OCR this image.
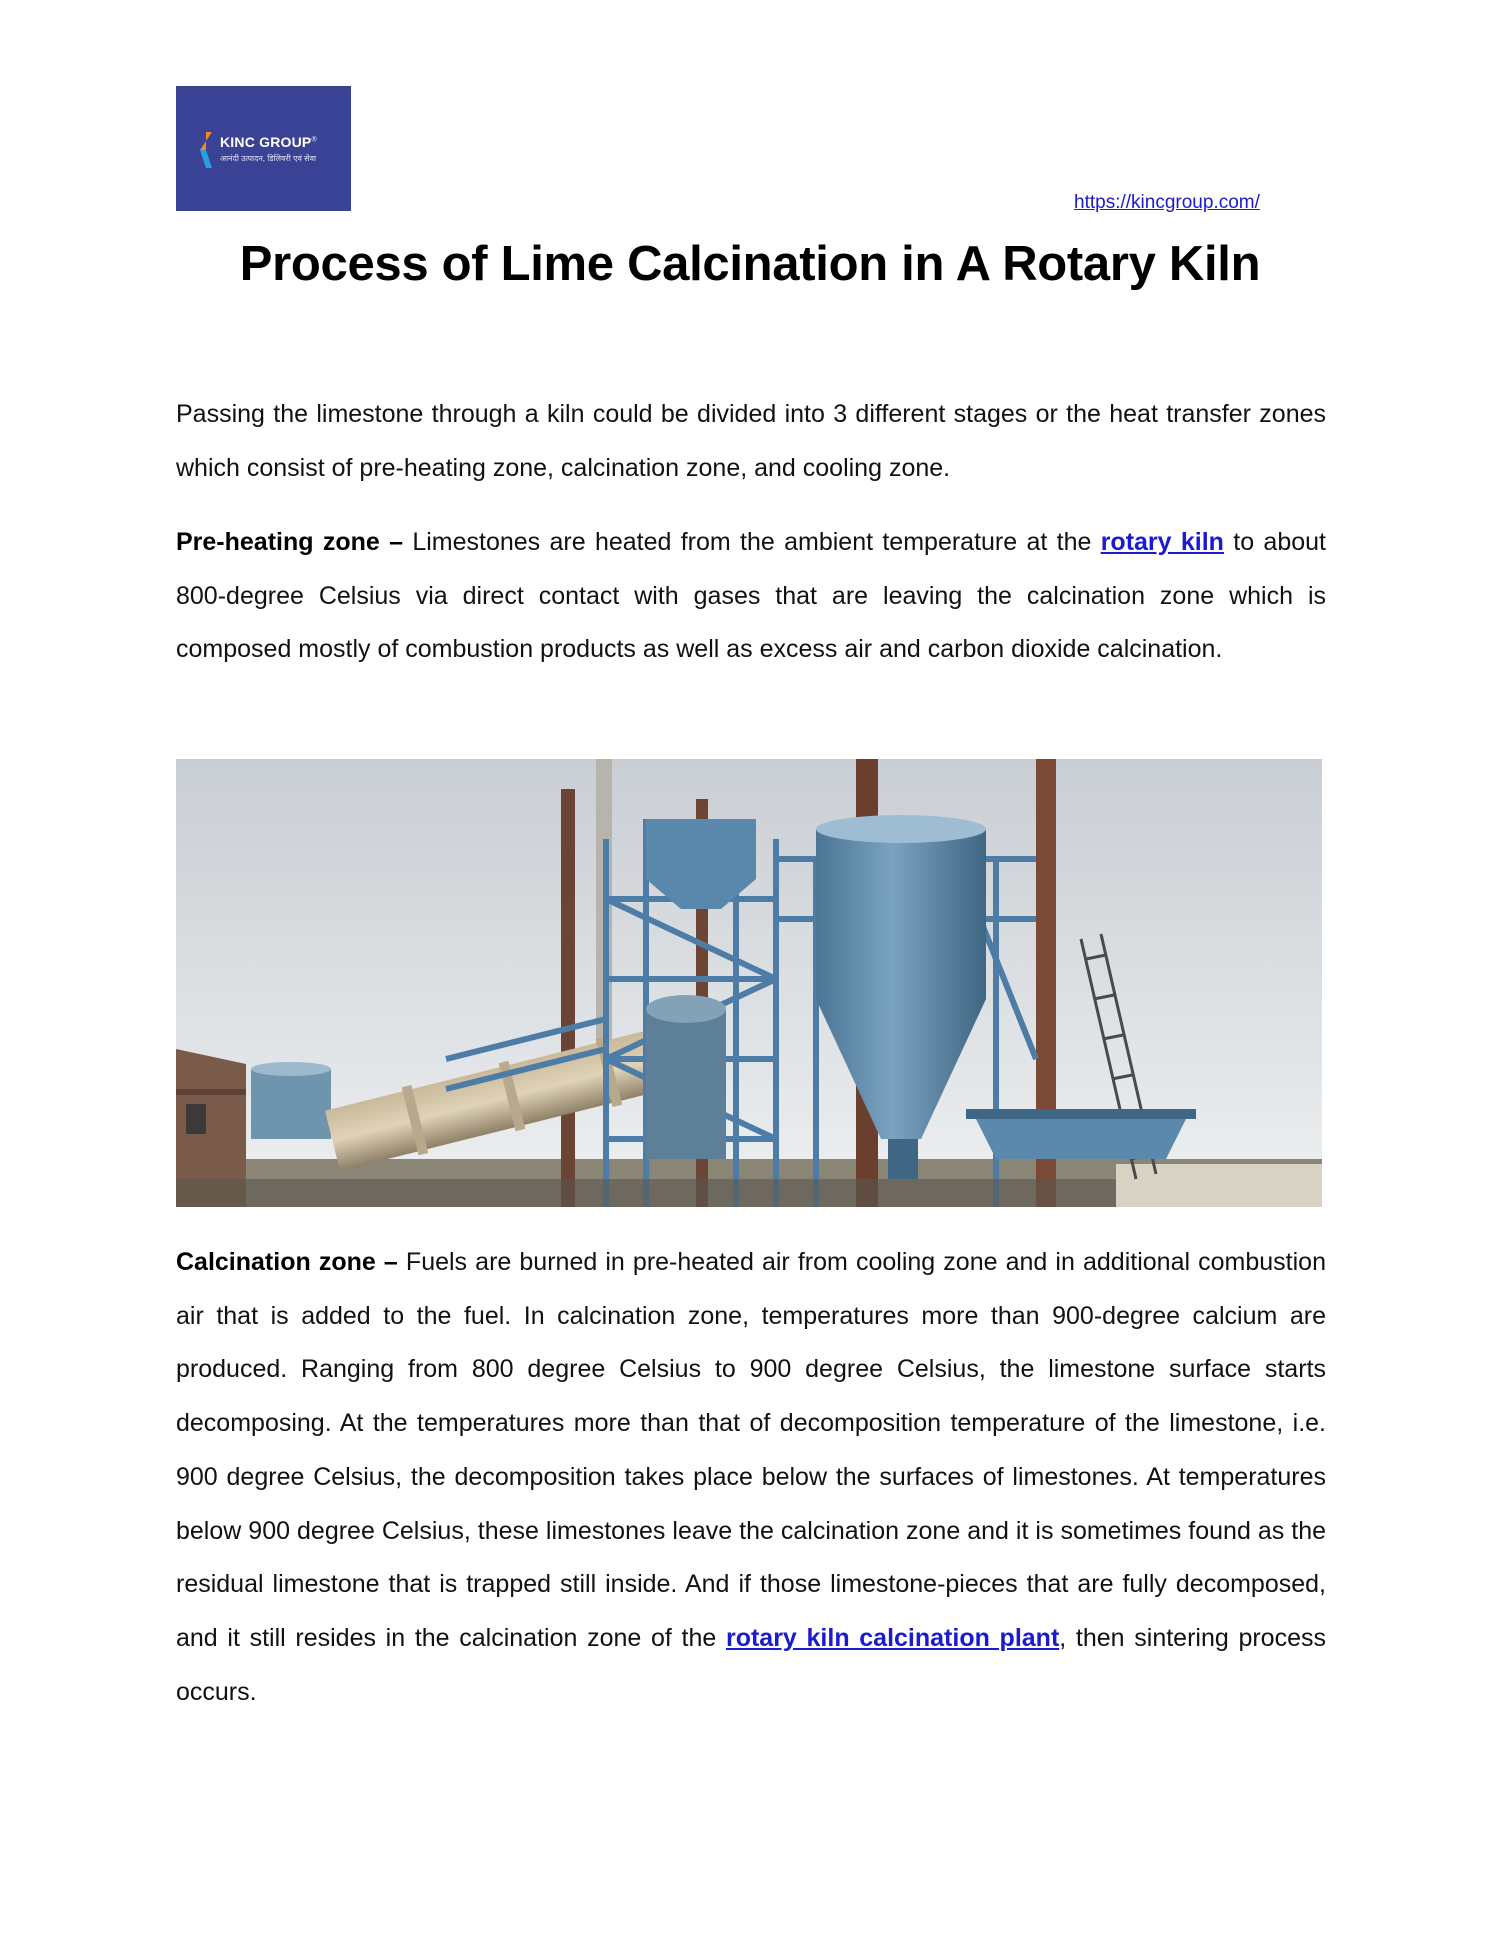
KINC GROUP®
आनंदी उत्पादन, डिलिवरी एवं सेवा
https://kincgroup.com/
Process of Lime Calcination in A Rotary Kiln

Passing the limestone through a kiln could be divided into 3 different stages or the heat transfer zones which consist of pre-heating zone, calcination zone, and cooling zone.

Pre-heating zone – Limestones are heated from the ambient temperature at the rotary kiln to about 800-degree Celsius via direct contact with gases that are leaving the calcination zone which is composed mostly of combustion products as well as excess air and carbon dioxide calcination.

Calcination zone – Fuels are burned in pre-heated air from cooling zone and in additional combustion air that is added to the fuel. In calcination zone, temperatures more than 900-degree calcium are produced. Ranging from 800 degree Celsius to 900 degree Celsius, the limestone surface starts decomposing. At the temperatures more than that of decomposition temperature of the limestone, i.e. 900 degree Celsius, the decomposition takes place below the surfaces of limestones. At temperatures below 900 degree Celsius, these limestones leave the calcination zone and it is sometimes found as the residual limestone that is trapped still inside. And if those limestone-pieces that are fully decomposed, and it still resides in the calcination zone of the rotary kiln calcination plant, then sintering process occurs.
